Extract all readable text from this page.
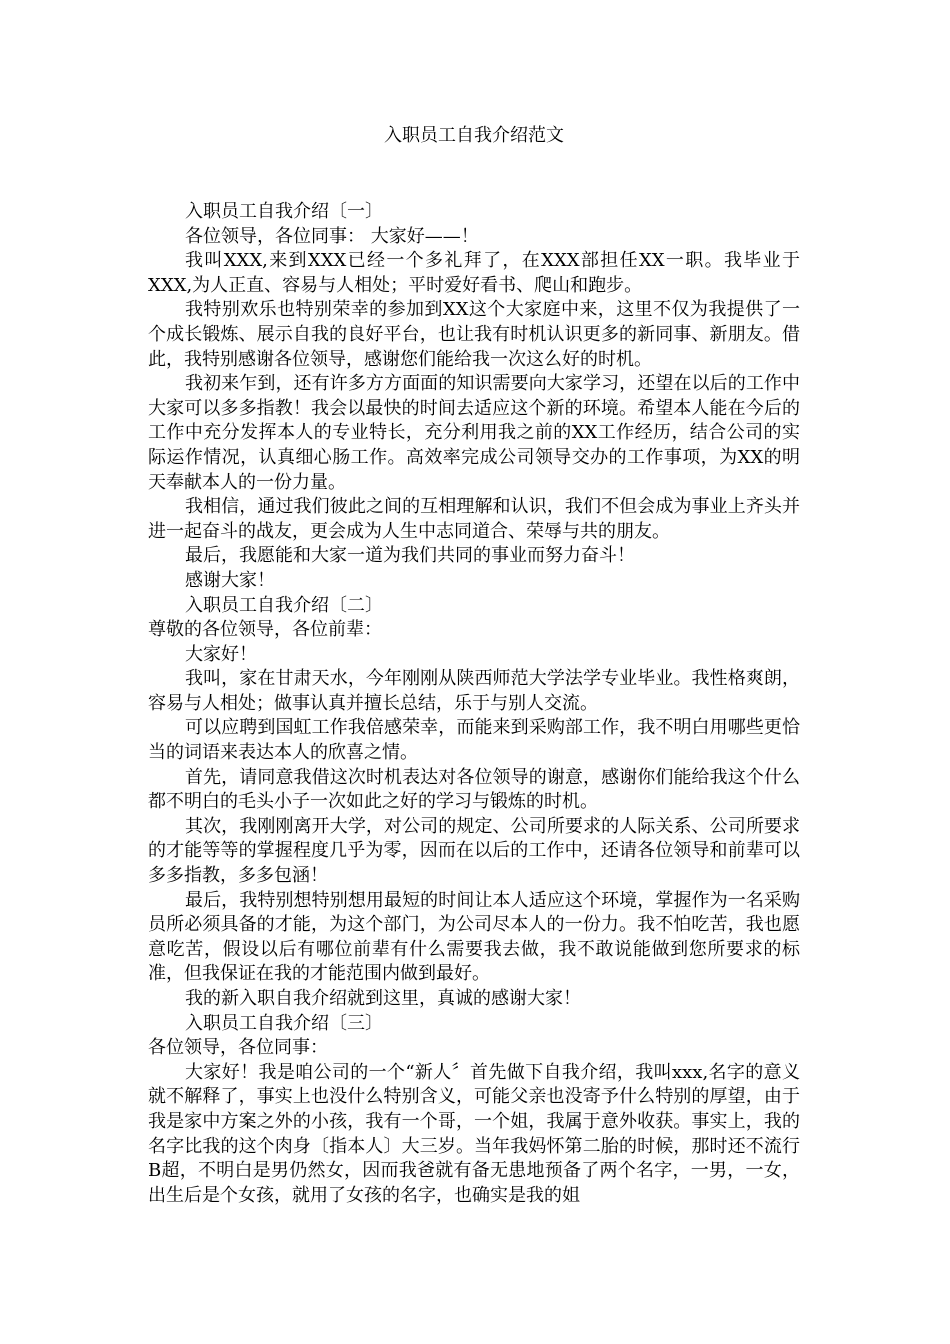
入职员工自我介绍范文

入职员工自我介绍〔一〕

各位领导，各位同事： 大家好——！

我叫XXX,来到XXX已经一个多礼拜了，在XXX部担任XX一职。我毕业于XXX,为人正直、容易与人相处；平时爱好看书、爬山和跑步。

我特别欢乐也特别荣幸的参加到XX这个大家庭中来，这里不仅为我提供了一个成长锻炼、展示自我的良好平台，也让我有时机认识更多的新同事、新朋友。借此，我特别感谢各位领导，感谢您们能给我一次这么好的时机。

我初来乍到，还有许多方方面面的知识需要向大家学习，还望在以后的工作中大家可以多多指教！我会以最快的时间去适应这个新的环境。希望本人能在今后的工作中充分发挥本人的专业特长，充分利用我之前的XX工作经历，结合公司的实际运作情况，认真细心肠工作。高效率完成公司领导交办的工作事项，为XX的明天奉献本人的一份力量。

我相信，通过我们彼此之间的互相理解和认识，我们不但会成为事业上齐头并进一起奋斗的战友，更会成为人生中志同道合、荣辱与共的朋友。

最后，我愿能和大家一道为我们共同的事业而努力奋斗！

感谢大家！

入职员工自我介绍〔二〕

尊敬的各位领导，各位前辈：

大家好！

我叫，家在甘肃天水，今年刚刚从陕西师范大学法学专业毕业。我性格爽朗，容易与人相处；做事认真并擅长总结，乐于与别人交流。

可以应聘到国虹工作我倍感荣幸，而能来到采购部工作，我不明白用哪些更恰当的词语来表达本人的欣喜之情。

首先，请同意我借这次时机表达对各位领导的谢意，感谢你们能给我这个什么都不明白的毛头小子一次如此之好的学习与锻炼的时机。

其次，我刚刚离开大学，对公司的规定、公司所要求的人际关系、公司所要求的才能等等的掌握程度几乎为零，因而在以后的工作中，还请各位领导和前辈可以多多指教，多多包涵！

最后，我特别想特别想用最短的时间让本人适应这个环境，掌握作为一名采购员所必须具备的才能，为这个部门，为公司尽本人的一份力。我不怕吃苦，我也愿意吃苦，假设以后有哪位前辈有什么需要我去做，我不敢说能做到您所要求的标准，但我保证在我的才能范围内做到最好。

我的新入职自我介绍就到这里，真诚的感谢大家！

入职员工自我介绍〔三〕

各位领导，各位同事：

大家好！我是咱公司的一个“新人〞首先做下自我介绍，我叫xxx,名字的意义就不解释了，事实上也没什么特别含义，可能父亲也没寄予什么特别的厚望，由于我是家中方案之外的小孩，我有一个哥，一个姐，我属于意外收获。事实上，我的名字比我的这个肉身〔指本人〕大三岁。当年我妈怀第二胎的时候，那时还不流行B超，不明白是男仍然女，因而我爸就有备无患地预备了两个名字，一男，一女，出生后是个女孩，就用了女孩的名字，也确实是我的姐
